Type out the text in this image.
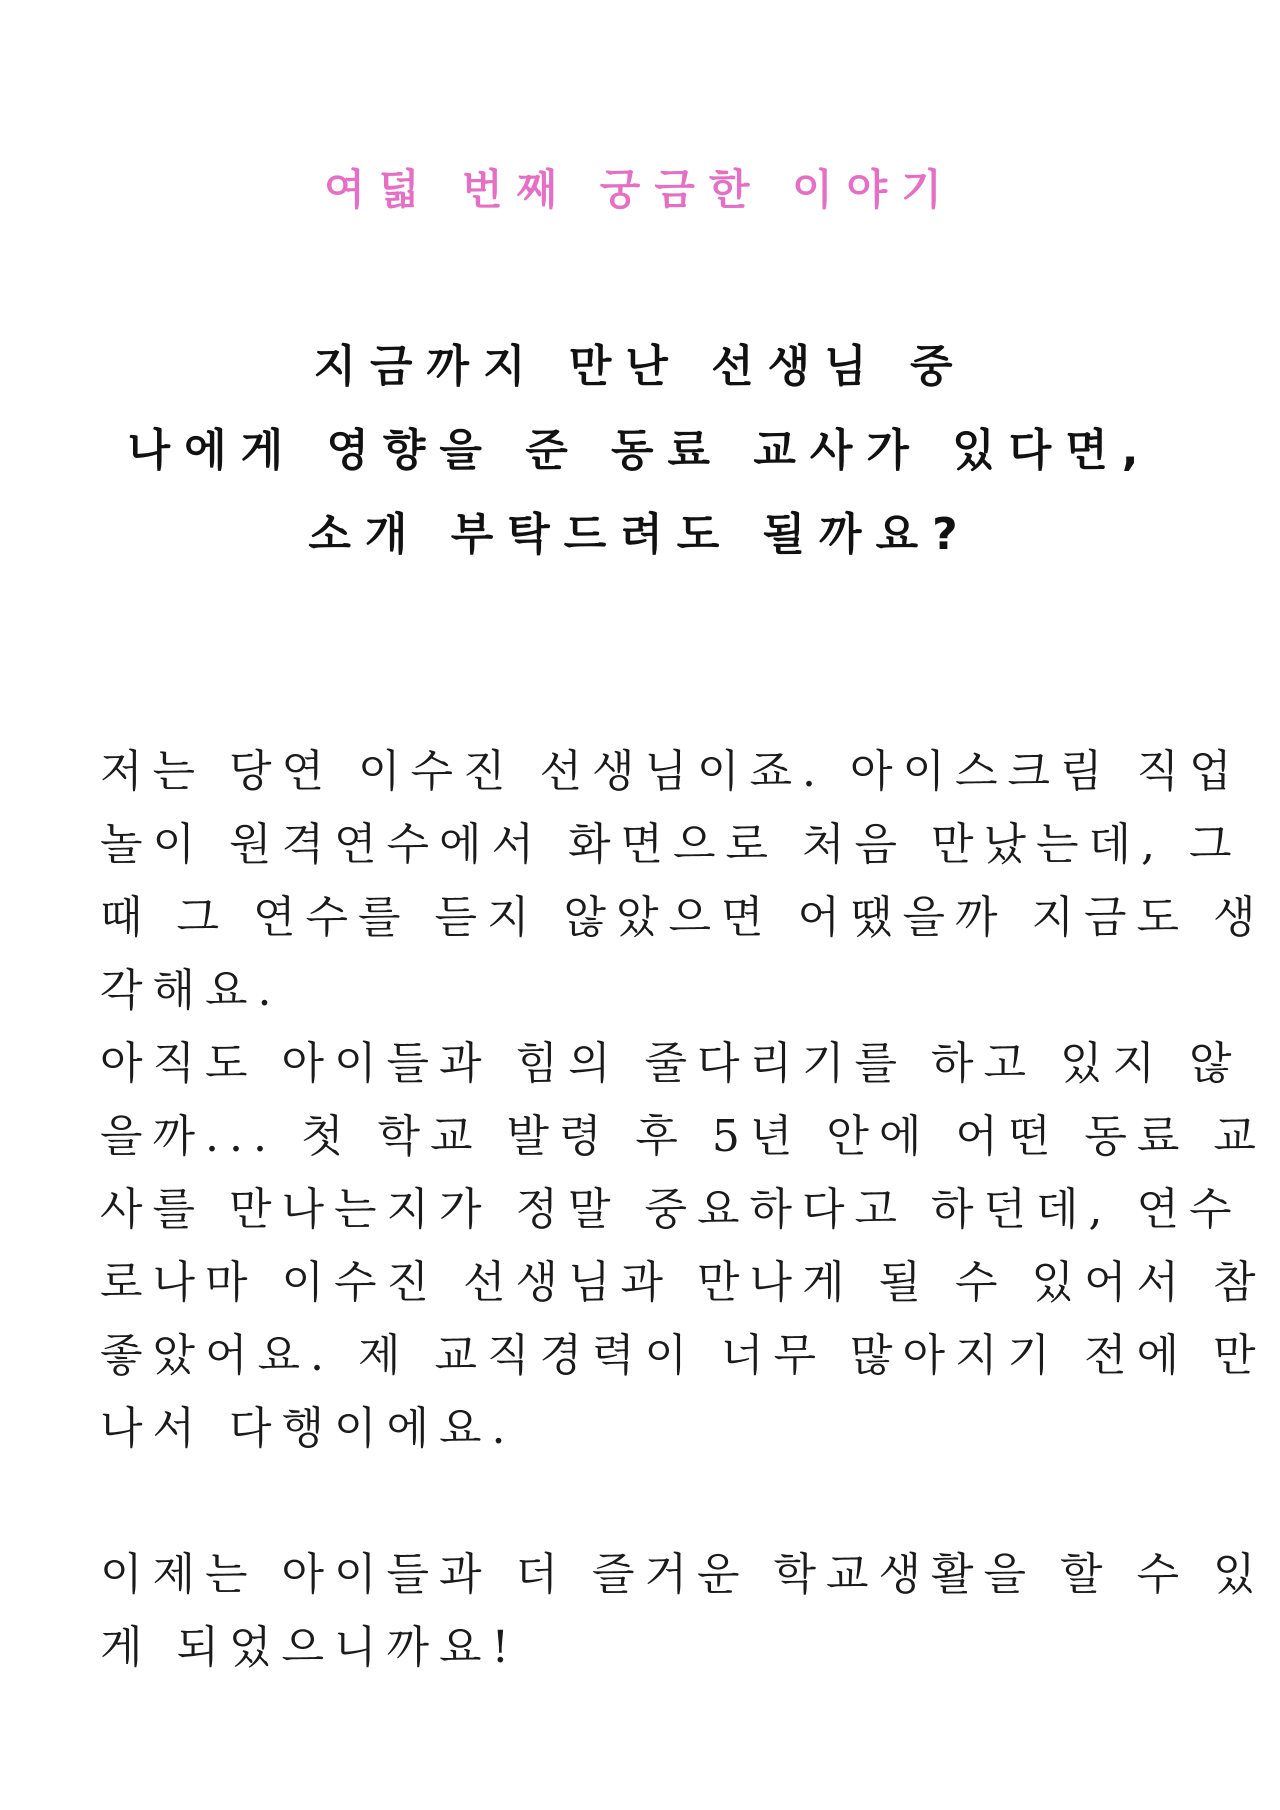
여덟 번째 궁금한 이야기
지금까지 만난 선생님 중
나에게 영향을 준 동료 교사가 있다면,
소개 부탁드려도 될까요?
저는 당연 이수진 선생님이죠. 아이스크림 직업
놀이 원격연수에서 화면으로 처음 만났는데, 그
때 그 연수를 듣지 않았으면 어땠을까 지금도 생
각해요.
아직도 아이들과 힘의 줄다리기를 하고 있지 않
을까... 첫 학교 발령 후 5년 안에 어떤 동료 교
사를 만나는지가 정말 중요하다고 하던데, 연수
로나마 이수진 선생님과 만나게 될 수 있어서 참
좋았어요. 제 교직경력이 너무 많아지기 전에 만
나서 다행이에요.
이제는 아이들과 더 즐거운 학교생활을 할 수 있
게 되었으니까요!
